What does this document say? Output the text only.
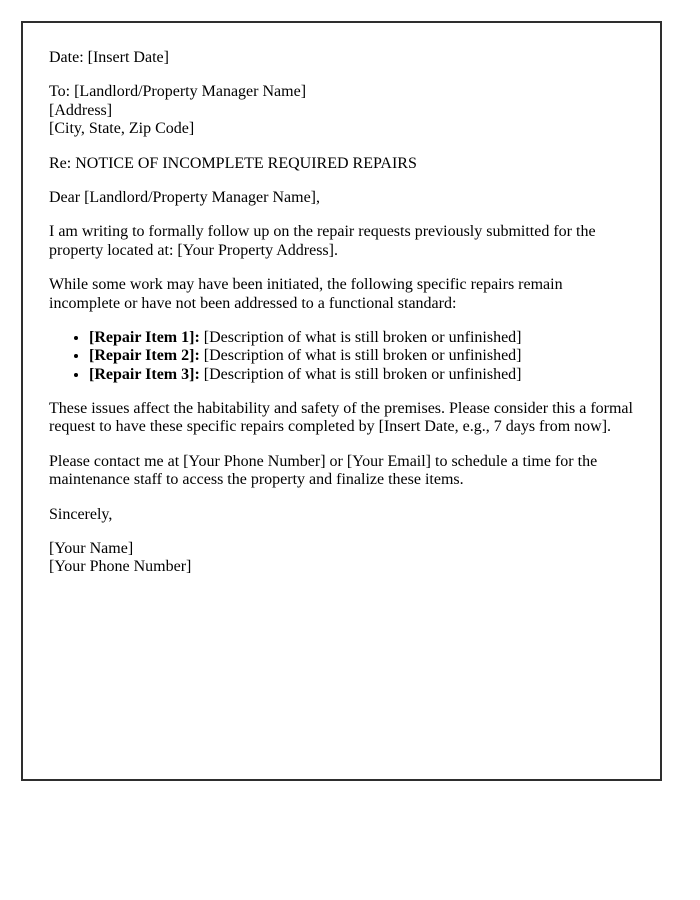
Date: [Insert Date]

To: [Landlord/Property Manager Name]
[Address]
[City, State, Zip Code]

Re: NOTICE OF INCOMPLETE REQUIRED REPAIRS

Dear [Landlord/Property Manager Name],

I am writing to formally follow up on the repair requests previously submitted for the property located at: [Your Property Address].

While some work may have been initiated, the following specific repairs remain incomplete or have not been addressed to a functional standard:

• [Repair Item 1]: [Description of what is still broken or unfinished]
• [Repair Item 2]: [Description of what is still broken or unfinished]
• [Repair Item 3]: [Description of what is still broken or unfinished]

These issues affect the habitability and safety of the premises. Please consider this a formal request to have these specific repairs completed by [Insert Date, e.g., 7 days from now].

Please contact me at [Your Phone Number] or [Your Email] to schedule a time for the maintenance staff to access the property and finalize these items.

Sincerely,

[Your Name]
[Your Phone Number]
